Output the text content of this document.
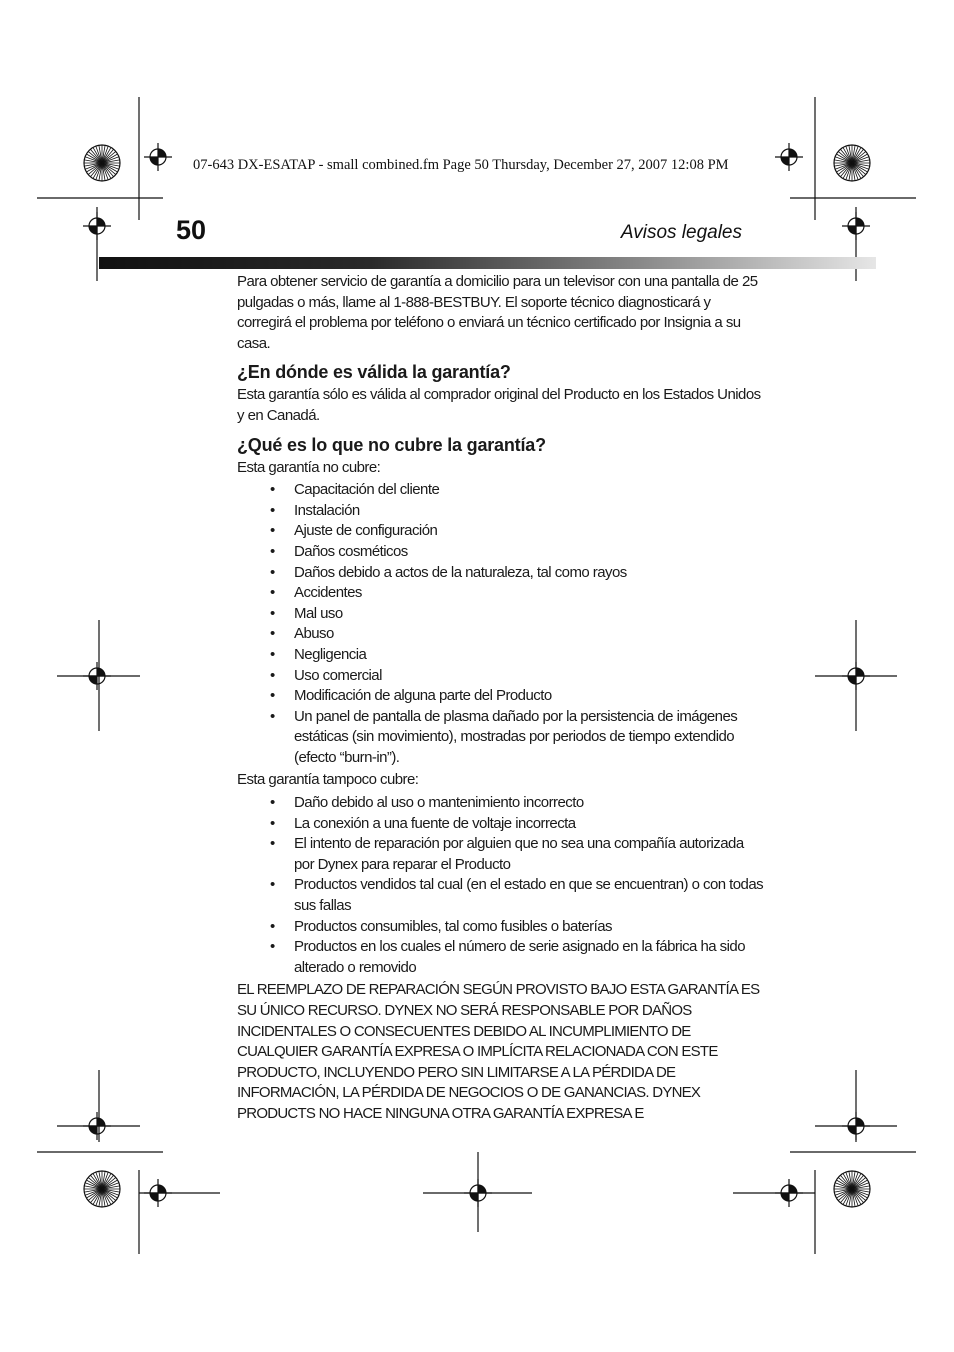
07-643 DX-ESATAP - small combined.fm Page 50 Thursday, December 27, 2007 12:08 PM
50	Avisos legales

Para obtener servicio de garantía a domicilio para un televisor con una pantalla de 25 pulgadas o más, llame al 1-888-BESTBUY. El soporte técnico diagnosticará y corregirá el problema por teléfono o enviará un técnico certificado por Insignia a su casa.

¿En dónde es válida la garantía?

Esta garantía sólo es válida al comprador original del Producto en los Estados Unidos y en Canadá.

¿Qué es lo que no cubre la garantía?

Esta garantía no cubre:

• Capacitación del cliente
• Instalación
• Ajuste de configuración
• Daños cosméticos
• Daños debido a actos de la naturaleza, tal como rayos
• Accidentes
• Mal uso
• Abuso
• Negligencia
• Uso comercial
• Modificación de alguna parte del Producto
• Un panel de pantalla de plasma dañado por la persistencia de imágenes estáticas (sin movimiento), mostradas por periodos de tiempo extendido (efecto “burn-in”).

Esta garantía tampoco cubre:

• Daño debido al uso o mantenimiento incorrecto
• La conexión a una fuente de voltaje incorrecta
• El intento de reparación por alguien que no sea una compañía autorizada por Dynex para reparar el Producto
• Productos vendidos tal cual (en el estado en que se encuentran) o con todas sus fallas
• Productos consumibles, tal como fusibles o baterías
• Productos en los cuales el número de serie asignado en la fábrica ha sido alterado o removido

EL REEMPLAZO DE REPARACIÓN SEGÚN PROVISTO BAJO ESTA GARANTÍA ES SU ÚNICO RECURSO. DYNEX NO SERÁ RESPONSABLE POR DAÑOS INCIDENTALES O CONSECUENTES DEBIDO AL INCUMPLIMIENTO DE CUALQUIER GARANTÍA EXPRESA O IMPLÍCITA RELACIONADA CON ESTE PRODUCTO, INCLUYENDO PERO SIN LIMITARSE A LA PÉRDIDA DE INFORMACIÓN, LA PÉRDIDA DE NEGOCIOS O DE GANANCIAS. DYNEX PRODUCTS NO HACE NINGUNA OTRA GARANTÍA EXPRESA E
